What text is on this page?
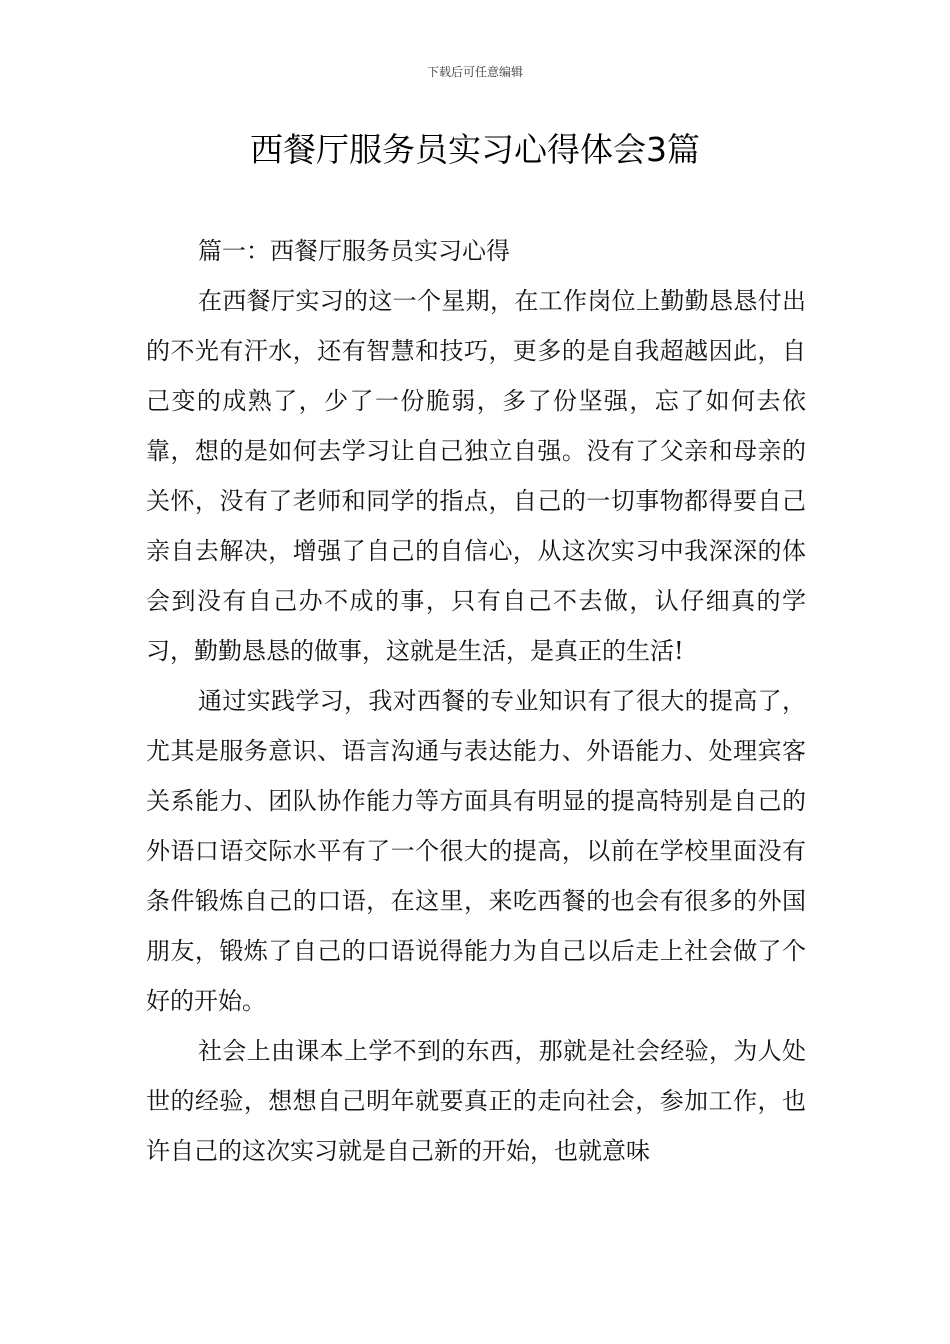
下载后可任意编辑
西餐厅服务员实习心得体会3篇

篇一：西餐厅服务员实习心得

在西餐厅实习的这一个星期，在工作岗位上勤勤恳恳付出的不光有汗水，还有智慧和技巧，更多的是自我超越因此，自己变的成熟了，少了一份脆弱，多了份坚强，忘了如何去依靠，想的是如何去学习让自己独立自强。没有了父亲和母亲的关怀，没有了老师和同学的指点，自己的一切事物都得要自己亲自去解决，增强了自己的自信心，从这次实习中我深深的体会到没有自己办不成的事，只有自己不去做，认仔细真的学习，勤勤恳恳的做事，这就是生活，是真正的生活!

通过实践学习，我对西餐的专业知识有了很大的提高了，尤其是服务意识、语言沟通与表达能力、外语能力、处理宾客关系能力、团队协作能力等方面具有明显的提高特别是自己的外语口语交际水平有了一个很大的提高，以前在学校里面没有条件锻炼自己的口语，在这里，来吃西餐的也会有很多的外国朋友，锻炼了自己的口语说得能力为自己以后走上社会做了个好的开始。

社会上由课本上学不到的东西，那就是社会经验，为人处世的经验，想想自己明年就要真正的走向社会，参加工作，也许自己的这次实习就是自己新的开始，也就意味
